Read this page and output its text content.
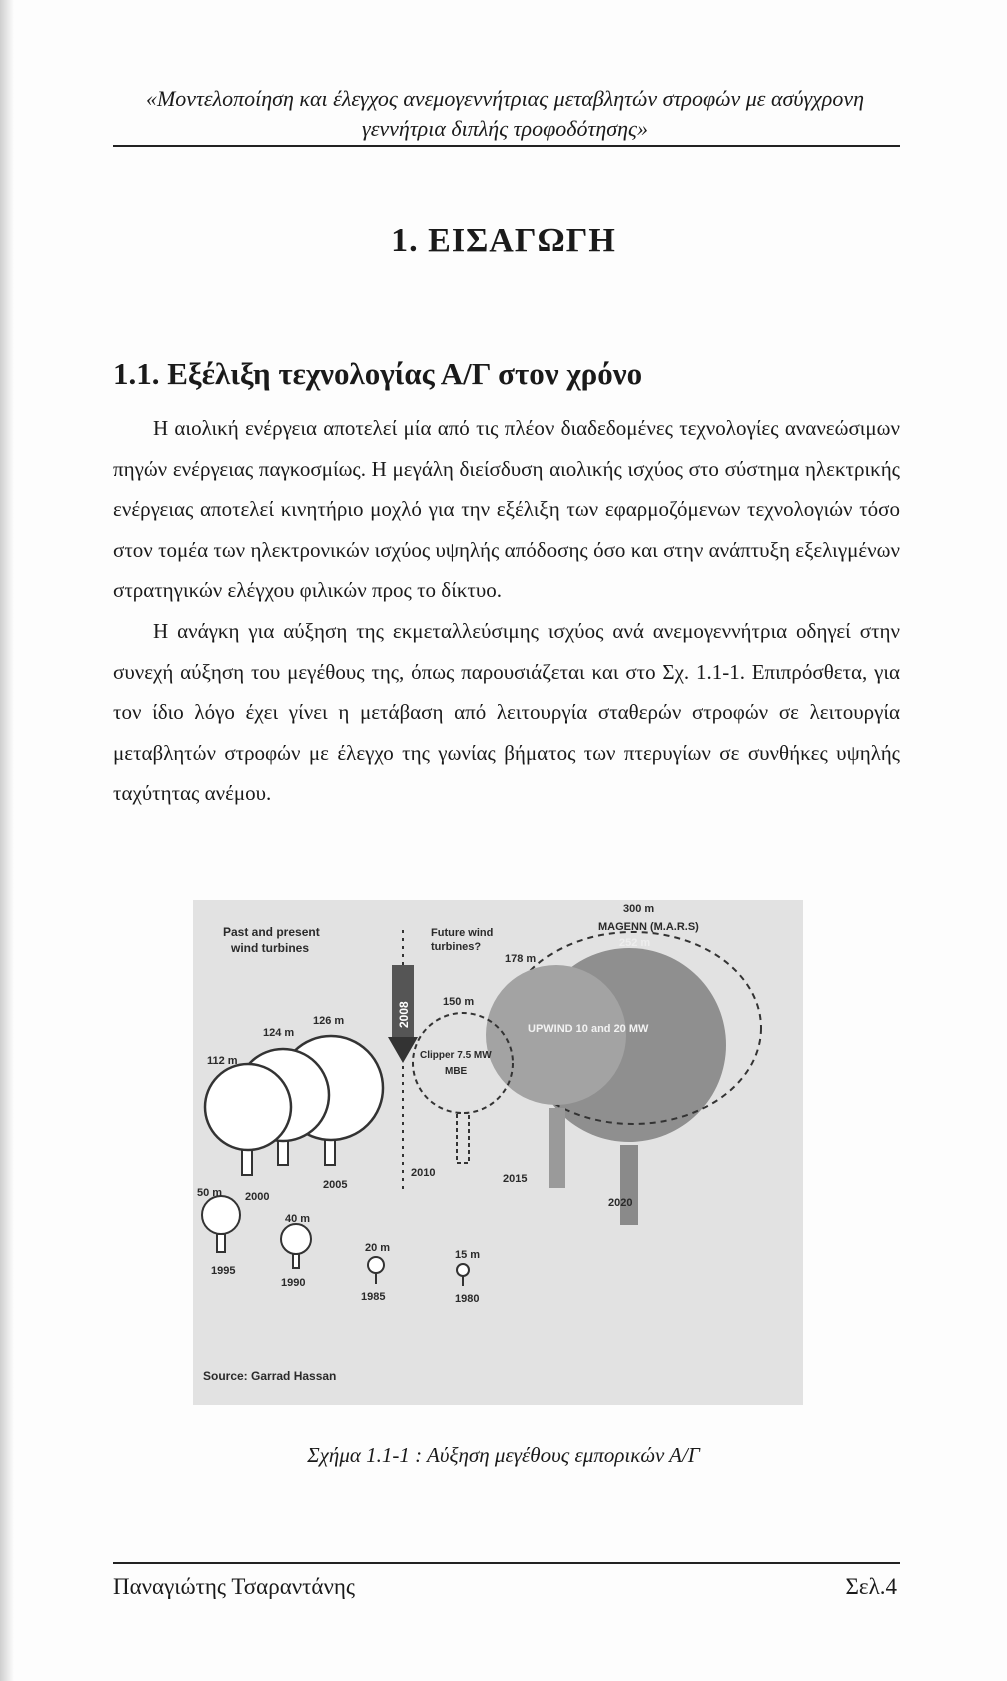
«Μοντελοποίηση και έλεγχος ανεμογεννήτριας μεταβλητών στροφών με ασύγχρονη
γεννήτρια διπλής τροφοδότησης»
1. ΕΙΣΑΓΩΓΗ
1.1. Εξέλιξη τεχνολογίας Α/Γ στον χρόνο

Η αιολική ενέργεια αποτελεί μία από τις πλέον διαδεδομένες τεχνολογίες ανανεώσιμων πηγών ενέργειας παγκοσμίως. Η μεγάλη διείσδυση αιολικής ισχύος στο σύστημα ηλεκτρικής ενέργειας αποτελεί κινητήριο μοχλό για την εξέλιξη των εφαρμοζόμενων τεχνολογιών τόσο στον τομέα των ηλεκτρονικών ισχύος υψηλής απόδοσης όσο και στην ανάπτυξη εξελιγμένων στρατηγικών ελέγχου φιλικών προς το δίκτυο.

Η ανάγκη για αύξηση της εκμεταλλεύσιμης ισχύος ανά ανεμογεννήτρια οδηγεί στην συνεχή αύξηση του μεγέθους της, όπως παρουσιάζεται και στο Σχ. 1.1-1. Επιπρόσθετα, για τον ίδιο λόγο έχει γίνει η μετάβαση από λειτουργία σταθερών στροφών σε λειτουργία μεταβλητών στροφών με έλεγχο της γωνίας βήματος των πτερυγίων σε συνθήκες υψηλής ταχύτητας ανέμου.

2008
Past and present
wind turbines
Future wind
turbines?
112 m
124 m
126 m
150 m
178 m
252 m
300 m
MAGENN (M.A.R.S)
UPWIND 10 and 20 MW
Clipper 7.5 MW
MBE
50 m
40 m
20 m
15 m
2000
2005
2010	2015
2020
1995
1990
1985	1980
Source: Garrad Hassan
Σχήμα 1.1-1 : Αύξηση μεγέθους εμπορικών Α/Γ
Παναγιώτης Τσαραντάνης	Σελ.4
